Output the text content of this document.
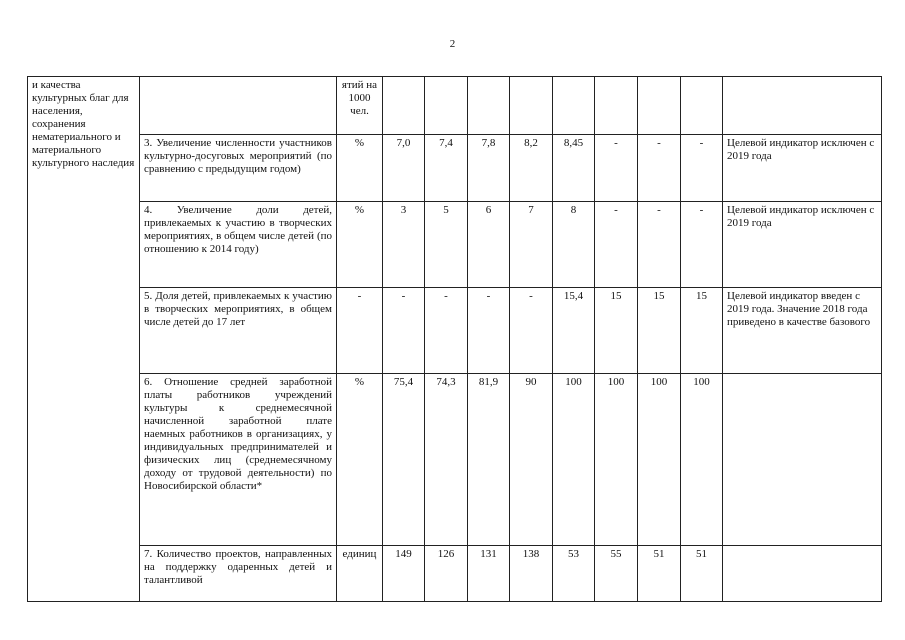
2
и качества культурных благ для населения, сохранения нематериального и материального культурного наследия		ятий на 1000 чел.									
	3. Увеличение численности участников культурно-досуговых мероприятий (по сравнению с предыдущим годом)	%	7,0	7,4	7,8	8,2	8,45	-	-	-	Целевой индикатор исключен с 2019 года
	4. Увеличение доли детей, привлекаемых к участию в творческих мероприятиях, в общем числе детей (по отношению к 2014 году)	%	3	5	6	7	8	-	-	-	Целевой индикатор исключен с 2019 года
	5. Доля детей, привлекаемых к участию в творческих мероприятиях, в общем числе детей до 17 лет	-	-	-	-	-	15,4	15	15	15	Целевой индикатор введен с 2019 года. Значение 2018 года приведено в качестве базового
	6. Отношение средней заработной платы работников учреждений культуры к среднемесячной начисленной заработной плате наемных работников в организациях, у индивидуальных предпринимателей и физических лиц (среднемесячному доходу от трудовой деятельности) по Новосибирской области*	%	75,4	74,3	81,9	90	100	100	100	100	
	7. Количество проектов, направленных на поддержку одаренных детей и талантливой	единиц	149	126	131	138	53	55	51	51	
